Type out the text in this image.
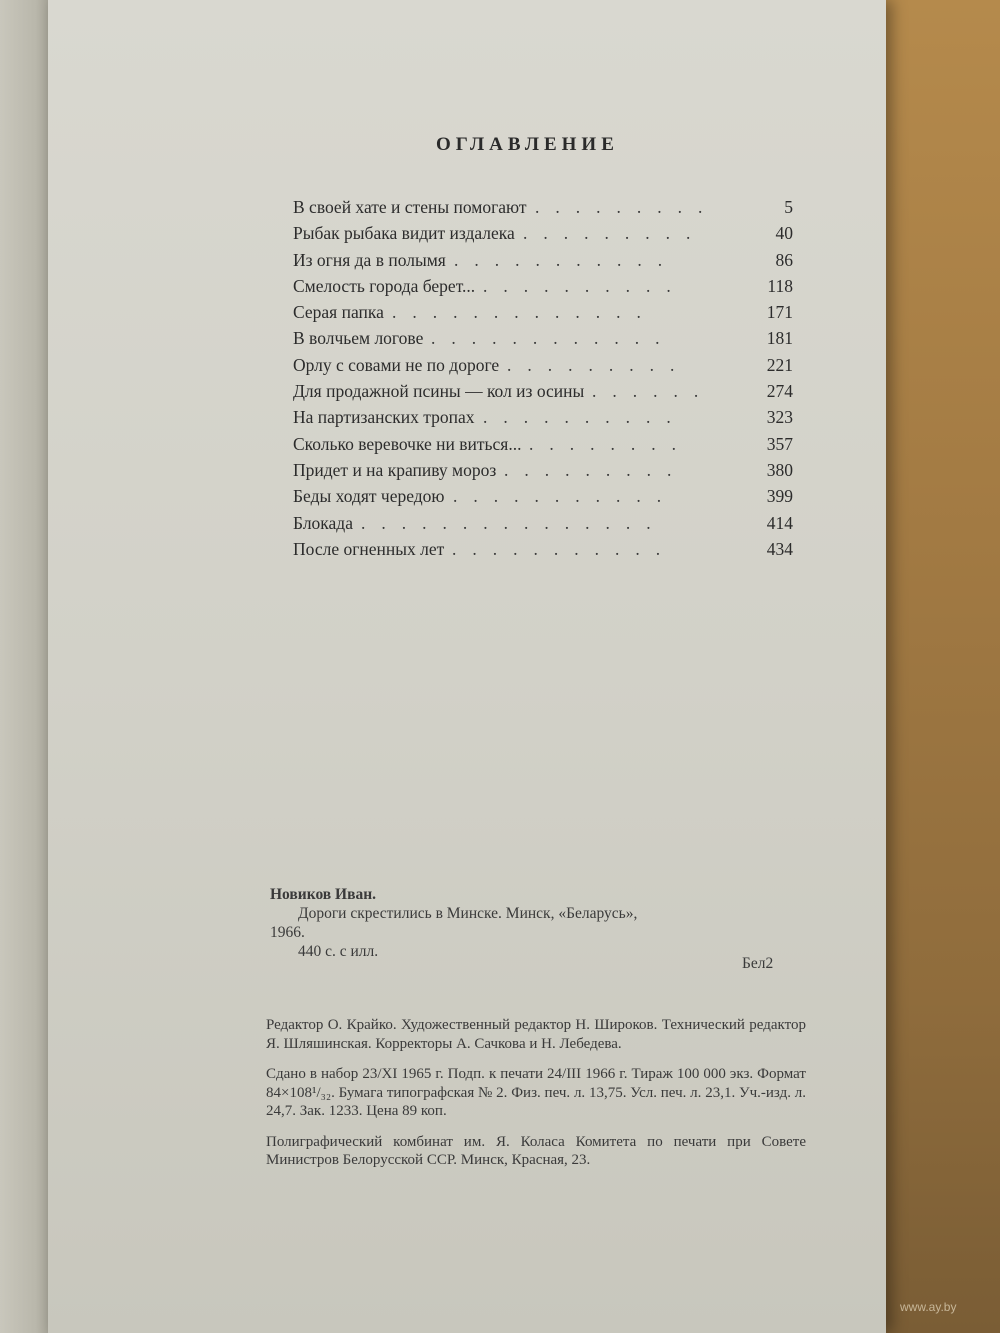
ОГЛАВЛЕНИЕ
В своей хате и стены помогают .........	5
Рыбак рыбака видит издалека .........	40
Из огня да в полымя ...........	86
Смелость города берет... ..........	118
Серая папка .............	171
В волчьем логове ............	181
Орлу с совами не по дороге .........	221
Для продажной псины — кол из осины ......	274
На партизанских тропах ..........	323
Сколько веревочке ни виться... ........	357
Придет и на крапиву мороз .........	380
Беды ходят чередою ...........	399
Блокада ...............	414
После огненных лет ...........	434
Новиков Иван.
Дороги скрестились в Минске. Минск, «Беларусь»,
1966.
440 с. с илл.
Бел2

Редактор О. Крайко. Художественный редактор Н. Широков. Технический редактор Я. Шляшинская. Корректоры А. Сачкова и Н. Лебедева.

Сдано в набор 23/XI 1965 г. Подп. к печати 24/III 1966 г. Тираж 100 000 экз. Формат 84×108¹/₃₂. Бумага типографская № 2. Физ. печ. л. 13,75. Усл. печ. л. 23,1. Уч.-изд. л. 24,7. Зак. 1233. Цена 89 коп.

Полиграфический комбинат им. Я. Коласа Комитета по печати при Совете Министров Белорусской ССР. Минск, Красная, 23.

www.ay.by
